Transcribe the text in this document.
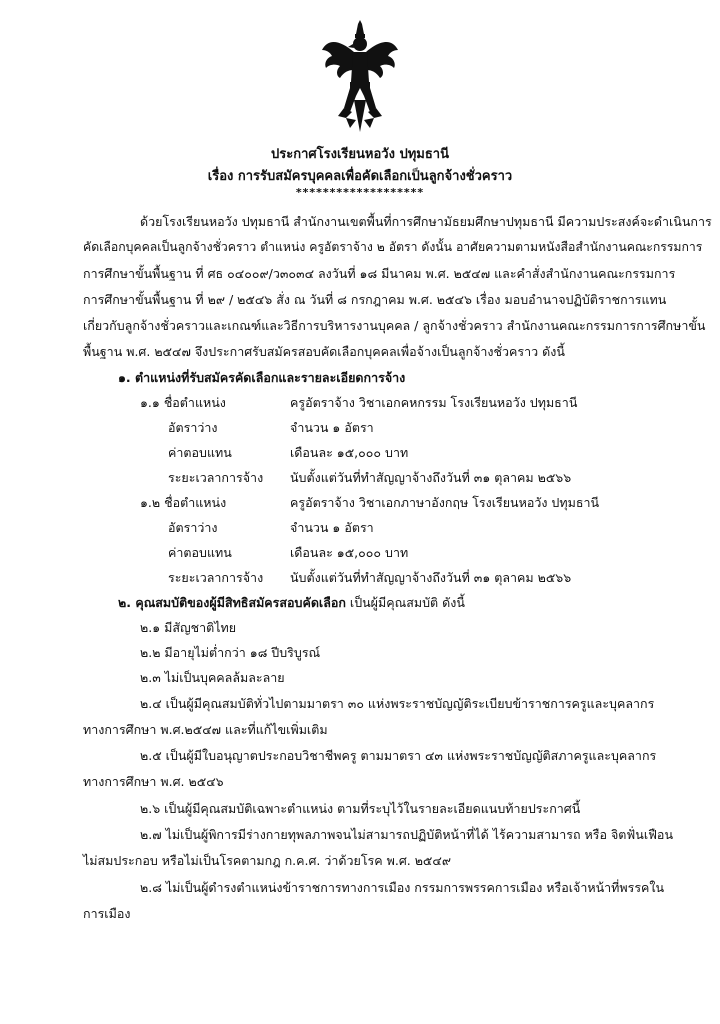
ประกาศโรงเรียนหอวัง ปทุมธานี
เรื่อง การรับสมัครบุคคลเพื่อคัดเลือกเป็นลูกจ้างชั่วคราว
*******************
ด้วยโรงเรียนหอวัง ปทุมธานี สำนักงานเขตพื้นที่การศึกษามัธยมศึกษาปทุมธานี มีความประสงค์จะดำเนินการ
คัดเลือกบุคคลเป็นลูกจ้างชั่วคราว ตำแหน่ง ครูอัตราจ้าง ๒ อัตรา ดังนั้น อาศัยความตามหนังสือสำนักงานคณะกรรมการ
การศึกษาขั้นพื้นฐาน ที่ ศธ ๐๔๐๐๙/ว๓๐๓๔ ลงวันที่ ๑๘ มีนาคม พ.ศ. ๒๕๔๗ และคำสั่งสำนักงานคณะกรรมการ
การศึกษาขั้นพื้นฐาน ที่ ๒๙ / ๒๕๔๖ สั่ง ณ วันที่ ๘ กรกฎาคม พ.ศ. ๒๕๔๖ เรื่อง มอบอำนาจปฏิบัติราชการแทน
เกี่ยวกับลูกจ้างชั่วคราวและเกณฑ์และวิธีการบริหารงานบุคคล / ลูกจ้างชั่วคราว สำนักงานคณะกรรมการการศึกษาขั้น
พื้นฐาน พ.ศ. ๒๕๔๗ จึงประกาศรับสมัครสอบคัดเลือกบุคคลเพื่อจ้างเป็นลูกจ้างชั่วคราว ดังนี้
๑. ตำแหน่งที่รับสมัครคัดเลือกและรายละเอียดการจ้าง
๑.๑ ชื่อตำแหน่ง	ครูอัตราจ้าง วิชาเอกคหกรรม โรงเรียนหอวัง ปทุมธานี
อัตราว่าง	จำนวน ๑ อัตรา
ค่าตอบแทน	เดือนละ ๑๕,๐๐๐ บาท
ระยะเวลาการจ้าง นับตั้งแต่วันที่ทำสัญญาจ้างถึงวันที่ ๓๑ ตุลาคม ๒๕๖๖
๑.๒ ชื่อตำแหน่ง	ครูอัตราจ้าง วิชาเอกภาษาอังกฤษ โรงเรียนหอวัง ปทุมธานี
อัตราว่าง	จำนวน ๑ อัตรา
ค่าตอบแทน	เดือนละ ๑๕,๐๐๐ บาท
ระยะเวลาการจ้าง นับตั้งแต่วันที่ทำสัญญาจ้างถึงวันที่ ๓๑ ตุลาคม ๒๕๖๖
๒. คุณสมบัติของผู้มีสิทธิสมัครสอบคัดเลือก เป็นผู้มีคุณสมบัติ ดังนี้
๒.๑ มีสัญชาติไทย
๒.๒ มีอายุไม่ต่ำกว่า ๑๘ ปีบริบูรณ์
๒.๓ ไม่เป็นบุคคลล้มละลาย
๒.๔ เป็นผู้มีคุณสมบัติทั่วไปตามมาตรา ๓๐ แห่งพระราชบัญญัติระเบียบข้าราชการครูและบุคลากร
ทางการศึกษา พ.ศ.๒๕๔๗ และที่แก้ไขเพิ่มเติม
๒.๕ เป็นผู้มีใบอนุญาตประกอบวิชาชีพครู ตามมาตรา ๔๓ แห่งพระราชบัญญัติสภาครูและบุคลากร
ทางการศึกษา พ.ศ. ๒๕๔๖
๒.๖ เป็นผู้มีคุณสมบัติเฉพาะตำแหน่ง ตามที่ระบุไว้ในรายละเอียดแนบท้ายประกาศนี้
๒.๗ ไม่เป็นผู้พิการมีร่างกายทุพลภาพจนไม่สามารถปฏิบัติหน้าที่ได้ ไร้ความสามารถ หรือ จิตฟั่นเฟือน
ไม่สมประกอบ หรือไม่เป็นโรคตามกฎ ก.ค.ศ. ว่าด้วยโรค พ.ศ. ๒๕๔๙
๒.๘ ไม่เป็นผู้ดำรงตำแหน่งข้าราชการทางการเมือง กรรมการพรรคการเมือง หรือเจ้าหน้าที่พรรคใน
การเมือง
